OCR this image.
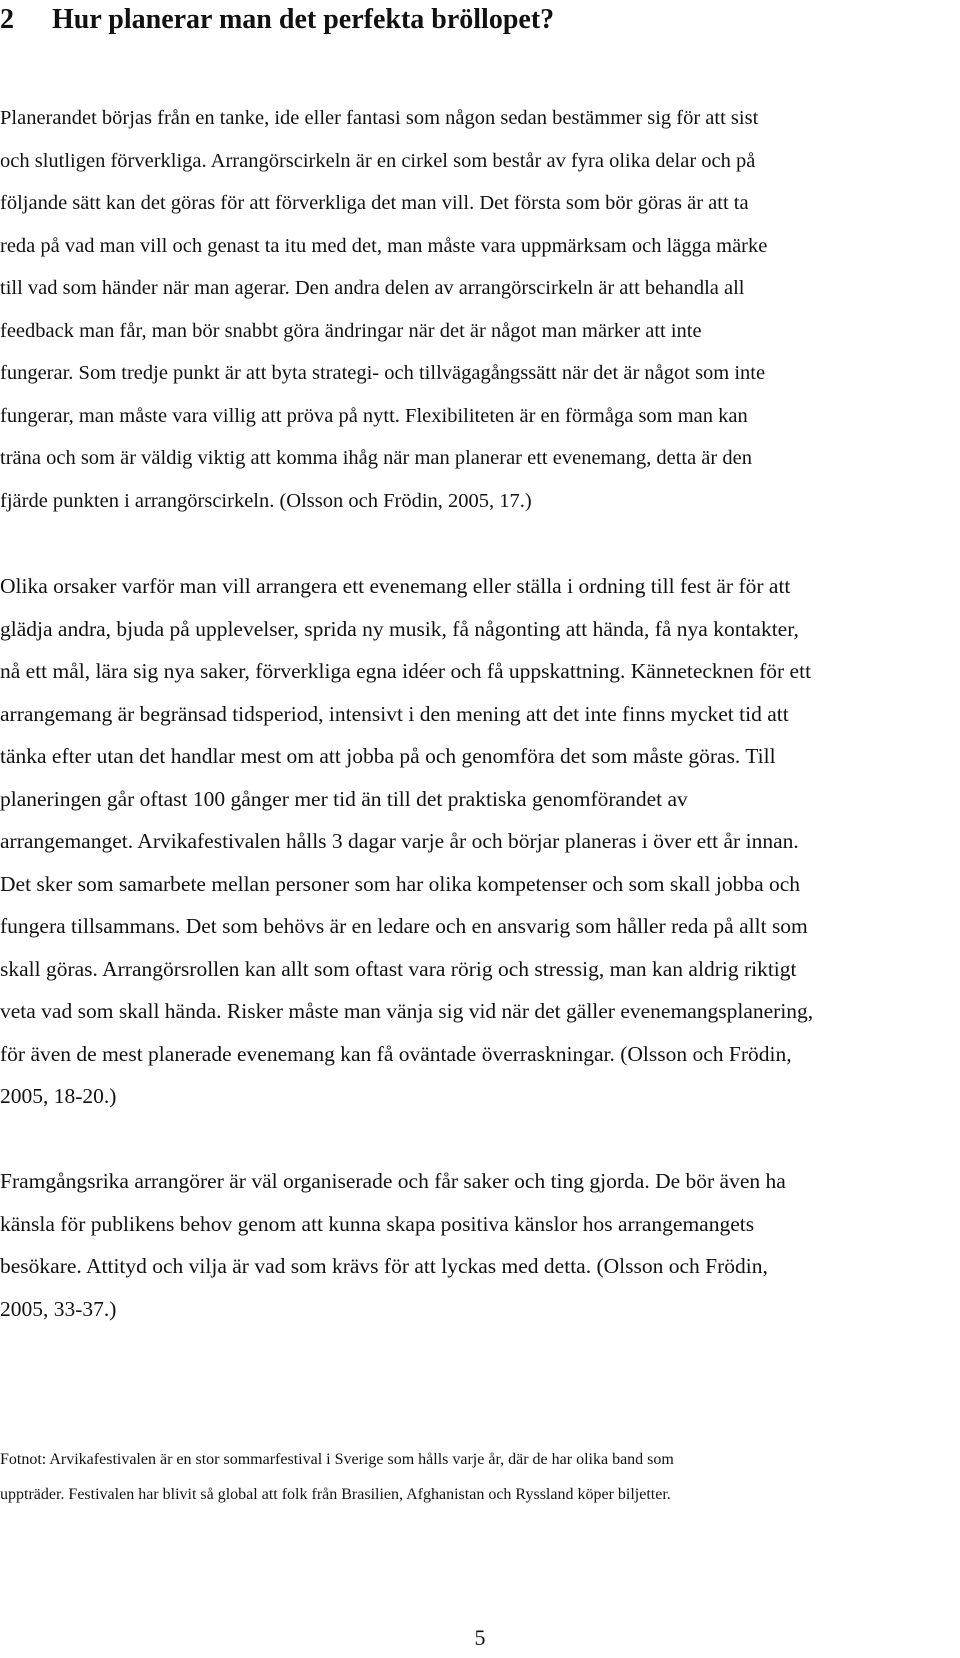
2 Hur planerar man det perfekta bröllopet?

Planerandet börjas från en tanke, ide eller fantasi som någon sedan bestämmer sig för att sist
och slutligen förverkliga. Arrangörscirkeln är en cirkel som består av fyra olika delar och på
följande sätt kan det göras för att förverkliga det man vill. Det första som bör göras är att ta
reda på vad man vill och genast ta itu med det, man måste vara uppmärksam och lägga märke
till vad som händer när man agerar. Den andra delen av arrangörscirkeln är att behandla all
feedback man får, man bör snabbt göra ändringar när det är något man märker att inte
fungerar. Som tredje punkt är att byta strategi- och tillvägagångssätt när det är något som inte
fungerar, man måste vara villig att pröva på nytt. Flexibiliteten är en förmåga som man kan
träna och som är väldig viktig att komma ihåg när man planerar ett evenemang, detta är den
fjärde punkten i arrangörscirkeln. (Olsson och Frödin, 2005, 17.)

Olika orsaker varför man vill arrangera ett evenemang eller ställa i ordning till fest är för att
glädja andra, bjuda på upplevelser, sprida ny musik, få någonting att hända, få nya kontakter,
nå ett mål, lära sig nya saker, förverkliga egna idéer och få uppskattning. Kännetecknen för ett
arrangemang är begränsad tidsperiod, intensivt i den mening att det inte finns mycket tid att
tänka efter utan det handlar mest om att jobba på och genomföra det som måste göras. Till
planeringen går oftast 100 gånger mer tid än till det praktiska genomförandet av
arrangemanget. Arvikafestivalen hålls 3 dagar varje år och börjar planeras i över ett år innan.
Det sker som samarbete mellan personer som har olika kompetenser och som skall jobba och
fungera tillsammans. Det som behövs är en ledare och en ansvarig som håller reda på allt som
skall göras. Arrangörsrollen kan allt som oftast vara rörig och stressig, man kan aldrig riktigt
veta vad som skall hända. Risker måste man vänja sig vid när det gäller evenemangsplanering,
för även de mest planerade evenemang kan få oväntade överraskningar. (Olsson och Frödin,
2005, 18-20.)

Framgångsrika arrangörer är väl organiserade och får saker och ting gjorda. De bör även ha
känsla för publikens behov genom att kunna skapa positiva känslor hos arrangemangets
besökare. Attityd och vilja är vad som krävs för att lyckas med detta. (Olsson och Frödin,
2005, 33-37.)

Fotnot: Arvikafestivalen är en stor sommarfestival i Sverige som hålls varje år, där de har olika band som
uppträder. Festivalen har blivit så global att folk från Brasilien, Afghanistan och Ryssland köper biljetter.

5
